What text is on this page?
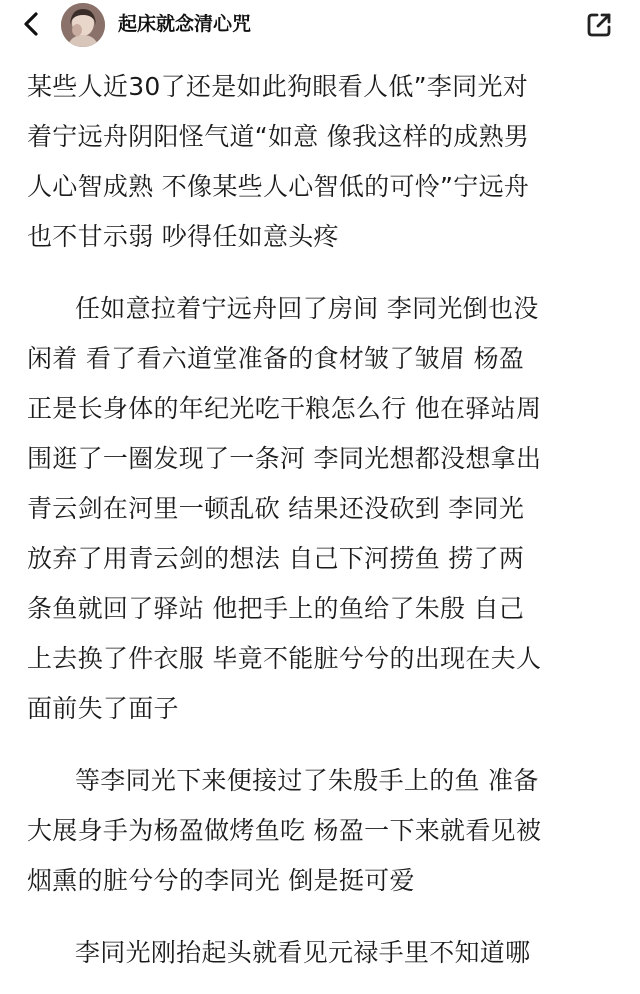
起床就念清心咒

某些人近30了还是如此狗眼看人低”李同光对
着宁远舟阴阳怪气道“如意 像我这样的成熟男
人心智成熟 不像某些人心智低的可怜”宁远舟
也不甘示弱 吵得任如意头疼

任如意拉着宁远舟回了房间 李同光倒也没
闲着 看了看六道堂准备的食材皱了皱眉 杨盈
正是长身体的年纪光吃干粮怎么行 他在驿站周
围逛了一圈发现了一条河 李同光想都没想拿出
青云剑在河里一顿乱砍 结果还没砍到 李同光
放弃了用青云剑的想法 自己下河捞鱼 捞了两
条鱼就回了驿站 他把手上的鱼给了朱殷 自己
上去换了件衣服 毕竟不能脏兮兮的出现在夫人
面前失了面子

等李同光下来便接过了朱殷手上的鱼 准备
大展身手为杨盈做烤鱼吃 杨盈一下来就看见被
烟熏的脏兮兮的李同光 倒是挺可爱

李同光刚抬起头就看见元禄手里不知道哪
